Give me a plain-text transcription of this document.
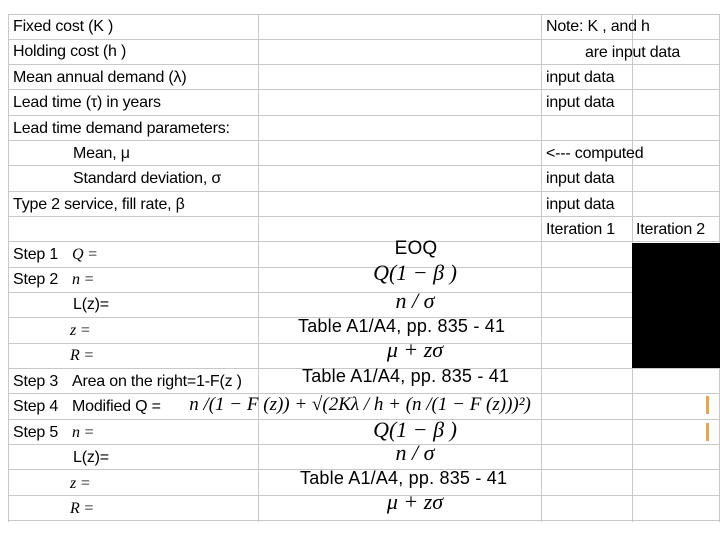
Fixed cost (K )
Holding cost (h )
Mean annual demand (λ)
Lead time (τ) in years
Lead time demand parameters:
Mean, μ
Standard deviation, σ
Type 2 service, fill rate, β
Note: K , and h
are input data
input data
input data
<--- computed
input data
input data
Iteration 1 Iteration 2
Step 1 Q =
Step 2 n =
L(z)=
z =
R =
Step 3 Area on the right=1-F(z )
Step 4 Modified Q =
Step 5 n =
L(z)=
z =
R =
EOQ
Q(1 − β )
n / σ
Table A1/A4, pp. 835 - 41
μ + zσ
Table A1/A4, pp. 835 - 41
n /(1 − F (z)) + √(2Kλ / h + (n /(1 − F (z)))²)
Q(1 − β )
n / σ
Table A1/A4, pp. 835 - 41
μ + zσ
